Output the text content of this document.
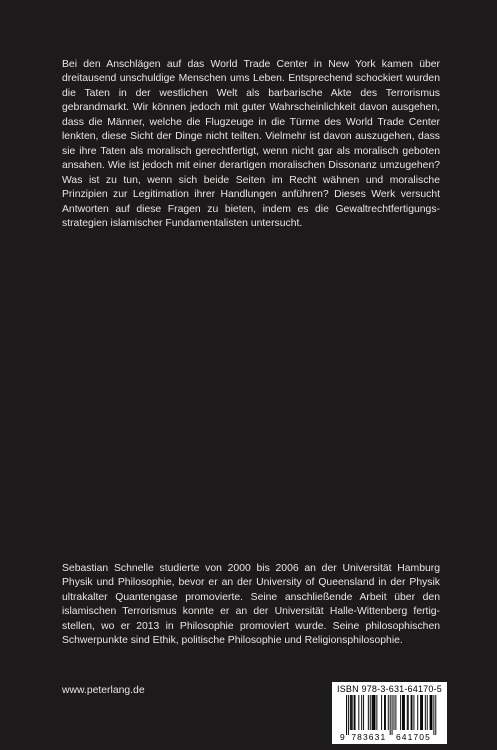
Bei den Anschlägen auf das World Trade Center in New York kamen über dreitausend unschuldige Menschen ums Leben. Entsprechend schockiert wurden die Taten in der westlichen Welt als barbarische Akte des Terrorismus gebrandmarkt. Wir können jedoch mit guter Wahrscheinlichkeit davon ausgehen, dass die Männer, welche die Flugzeuge in die Türme des World Trade Center lenkten, diese Sicht der Dinge nicht teilten. Vielmehr ist davon auszugehen, dass sie ihre Taten als moralisch gerechtfertigt, wenn nicht gar als moralisch geboten ansahen. Wie ist jedoch mit einer derartigen moralischen Dissonanz umzugehen? Was ist zu tun, wenn sich beide Seiten im Recht wähnen und moralische Prinzipien zur Legitimation ihrer Handlungen anführen? Dieses Werk versucht Antworten auf diese Fragen zu bieten, indem es die Gewaltrechtfertigungsstrategien islamischer Fundamentalisten untersucht.

Sebastian Schnelle studierte von 2000 bis 2006 an der Universität Hamburg Physik und Philosophie, bevor er an der University of Queensland in der Physik ultrakalter Quantengase promovierte. Seine anschließende Arbeit über den islamischen Terrorismus konnte er an der Universität Halle-Wittenberg fertigstellen, wo er 2013 in Philosophie promoviert wurde. Seine philosophischen Schwerpunkte sind Ethik, politische Philosophie und Religionsphilosophie.

www.peterlang.de	ISBN 978-3-631-64170-5
9 783631 641705
